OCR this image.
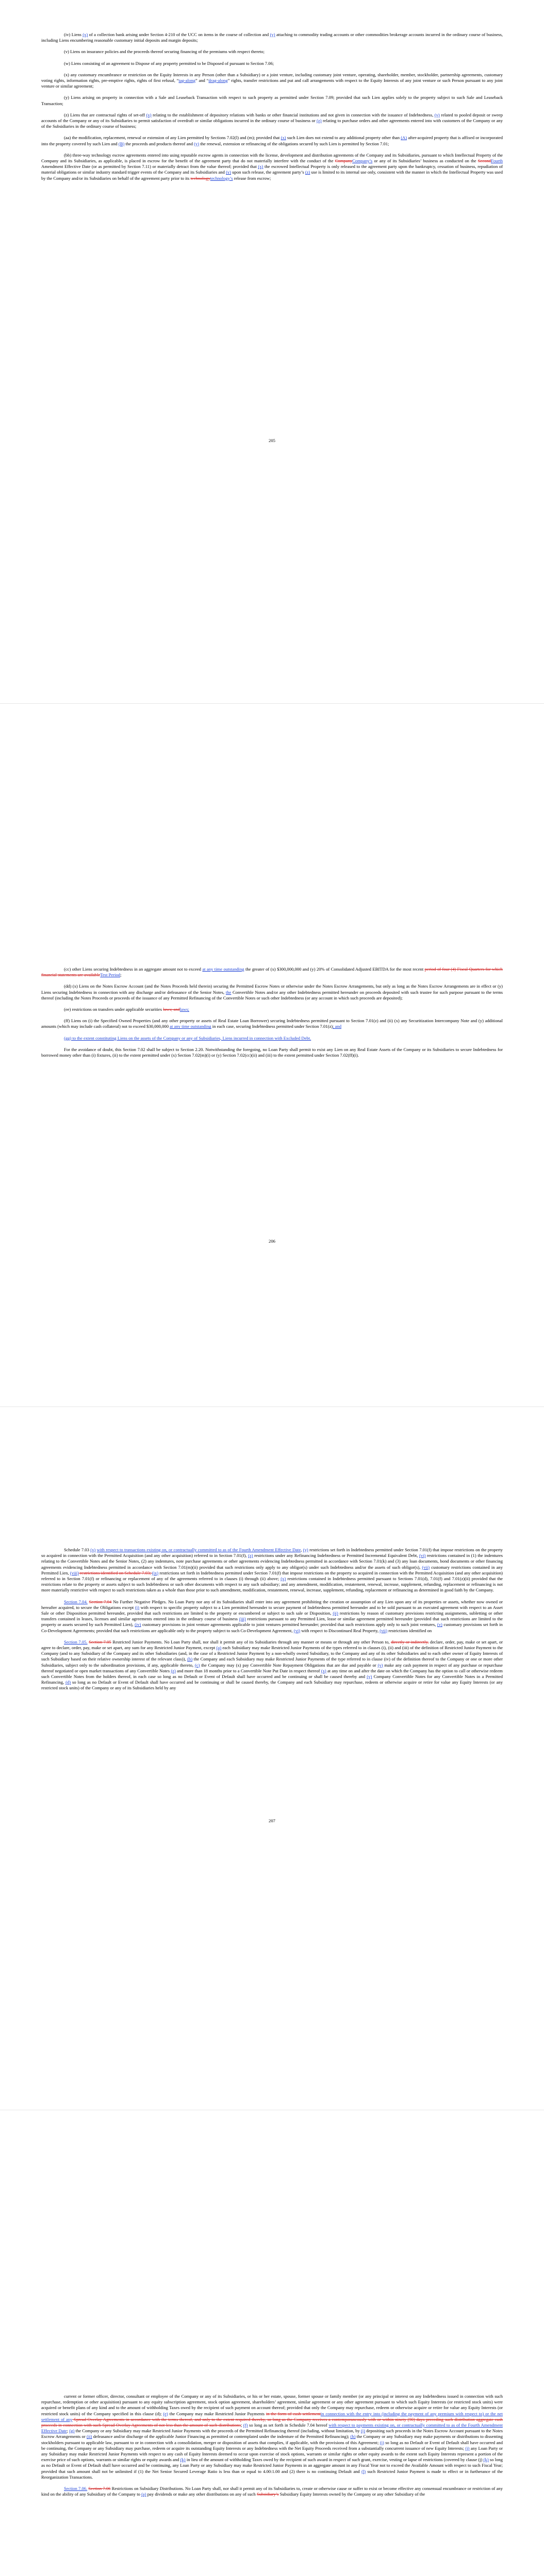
(iv) Liens (x) of a collection bank arising under Section 4-210 of the UCC on items in the course of collection and (y) attaching to commodity trading accounts or other commodities brokerage accounts incurred in the ordinary course of business, including Liens encumbering reasonable customary initial deposits and margin deposits;

(v) Liens on insurance policies and the proceeds thereof securing financing of the premiums with respect thereto;

(w) Liens consisting of an agreement to Dispose of any property permitted to be Disposed of pursuant to Section 7.06;

(x) any customary encumbrance or restriction on the Equity Interests in any Person (other than a Subsidiary) or a joint venture, including customary joint venture, operating, shareholder, member, stockholder, partnership agreements, customary voting rights, information rights, pre-emptive rights, rights of first refusal, “tag-along” and “drag-along” rights, transfer restrictions and put and call arrangements with respect to the Equity Interests of any joint venture or such Person pursuant to any joint venture or similar agreement;

(y) Liens arising on property in connection with a Sale and Leaseback Transaction with respect to such property as permitted under Section 7.09; provided that such Lien applies solely to the property subject to such Sale and Leaseback Transaction;

(z) Liens that are contractual rights of set-off (x) relating to the establishment of depository relations with banks or other financial institutions and not given in connection with the issuance of Indebtedness, (y) related to pooled deposit or sweep accounts of the Company or any of its Subsidiaries to permit satisfaction of overdraft or similar obligations incurred in the ordinary course of business or (z) relating to purchase orders and other agreements entered into with customers of the Company or any of the Subsidiaries in the ordinary course of business;

(aa) the modification, replacement, renewal or extension of any Lien permitted by Sections 7.02(l) and (m); provided that (x) such Lien does not extend to any additional property other than (A) after-acquired property that is affixed or incorporated into the property covered by such Lien and (B) the proceeds and products thereof and (y) the renewal, extension or refinancing of the obligations secured by such Lien is permitted by Section 7.01;

(bb) three-way technology escrow agreements entered into using reputable escrow agents in connection with the license, development and distribution agreements of the Company and its Subsidiaries, pursuant to which Intellectual Property of the Company and its Subsidiaries, as applicable, is placed in escrow for the benefit of the agreement party that do not materially interfere with the conduct of the CompanyCompany’s or any of its Subsidiaries’ business as conducted on the SecondFourth Amendment Effective Date (or as permitted by Section 7.11) or materially detract from the value thereof; provided that (x) the escrowed Intellectual Property is only released to the agreement party upon the bankruptcy, cessation of business, repudiation of material obligations or similar industry standard trigger events of the Company and its Subsidiaries and (y) upon such release, the agreement party’s (z) use is limited to its internal use only, consistent with the manner in which the Intellectual Property was used by the Company and/or its Subsidiaries on behalf of the agreement party prior to its technologytechnology’s release from escrow;

205

(cc) other Liens securing Indebtedness in an aggregate amount not to exceed at any time outstanding the greater of (x) $300,000,000 and (y) 20% of Consolidated Adjusted EBITDA for the most recent period of four (4) Fiscal Quarters for which financial statements are availableTest Period;

(dd) (x) Liens on the Notes Escrow Account (and the Notes Proceeds held therein) securing the Permitted Escrow Notes or otherwise under the Notes Escrow Arrangements, but only as long as the Notes Escrow Arrangements are in effect or (y) Liens securing Indebtedness in connection with any discharge and/or defeasance of the Senior Notes, the Convertible Notes and/or any other Indebtedness permitted hereunder on proceeds deposited with such trustee for such purpose pursuant to the terms thereof (including the Notes Proceeds or proceeds of the issuance of any Permitted Refinancing of the Convertible Notes or such other Indebtedness (or any account in which such proceeds are deposited);

(ee) restrictions on transfers under applicable securities laws; andlaws;

(ff) Liens on (i) the Specified Owned Properties (and any other property or assets of Real Estate Loan Borrower) securing Indebtedness permitted pursuant to Section 7.01(z) and (ii) (x) any Securitization Intercompany Note and (y) additional amounts (which may include cash collateral) not to exceed $30,000,000 at any time outstanding in each case, securing Indebtedness permitted under Section 7.01(z); and

(gg) to the extent constituting Liens on the assets of the Company or any of Subsidiaries, Liens incurred in connection with Excluded Debt.

For the avoidance of doubt, this Section 7.02 shall be subject to Section 2.20. Notwithstanding the foregoing, no Loan Party shall permit to exist any Lien on any Real Estate Assets of the Company or its Subsidiaries to secure Indebtedness for borrowed money other than (i) fixtures, (ii) to the extent permitted under (x) Section 7.02(m)(i) or (y) Section 7.02(cc)(ii) and (iii) to the extent permitted under Section 7.02(ff)(i).

206

Schedule 7.03 (x) with respect to transactions existing on, or contractually committed to as of the Fourth Amendment Effective Date, (y) restrictions set forth in Indebtedness permitted under Section 7.01(f) that impose restrictions on the property so acquired in connection with the Permitted Acquisition (and any other acquisition) referred to in Section 7.01(f), (z) restrictions under any Refinancing Indebtedness or Permitted Incremental Equivalent Debt, (vi) restrictions contained in (1) the indentures relating to the Convertible Notes and the Senior Notes, (2) any indentures, note purchase agreements or other agreements evidencing Indebtedness permitted in accordance with Section 7.01(k) and (3) any loan documents, bond documents or other financing agreements evidencing Indebtedness permitted in accordance with Section 7.01(m)(ii) provided that such restrictions only apply to any obligor(s) under such Indebtedness and/or the assets of such obligor(s), (vii) customary restrictions contained in any Permitted Lien, (viii) restrictions identified on Schedule 7.03; (ix) restrictions set forth in Indebtedness permitted under Section 7.01(f) that impose restrictions on the property so acquired in connection with the Permitted Acquisition (and any other acquisition) referred to in Section 7.01(f) or refinancing or replacement of any of the agreements referred to in clauses (i) through (ii) above; (x) restrictions contained in Indebtedness permitted pursuant to Sections 7.01(d), 7.01(f) and 7.01(z)(ii) provided that the restrictions relate to the property or assets subject to such Indebtedness or such other documents with respect to any such subsidiary; and any amendment, modification, restatement, renewal, increase, supplement, refunding, replacement or refinancing is not more materially restrictive with respect to such restrictions taken as a whole than those prior to such amendment, modification, restatement, renewal, increase, supplement, refunding, replacement or refinancing as determined in good faith by the Company.

Section 7.04. Section 7.04 No Further Negative Pledges. No Loan Party nor any of its Subsidiaries shall enter into any agreement prohibiting the creation or assumption of any Lien upon any of its properties or assets, whether now owned or hereafter acquired, to secure the Obligations except (i) with respect to specific property subject to a Lien permitted hereunder to secure payment of Indebtedness permitted hereunder and to be sold pursuant to an executed agreement with respect to an Asset Sale or other Disposition permitted hereunder, provided that such restrictions are limited to the property or encumbered or subject to such sale or Disposition, (ii) restrictions by reason of customary provisions restricting assignments, subletting or other transfers contained in leases, licenses and similar agreements entered into in the ordinary course of business (iii) restrictions pursuant to any Permitted Lien, lease or similar agreement permitted hereunder (provided that such restrictions are limited to the property or assets secured by such Permitted Lien), (iv) customary provisions in joint venture agreements applicable to joint ventures permitted hereunder; provided that such restrictions apply only to such joint ventures, (v) customary provisions set forth in Co-Development Agreements; provided that such restrictions are applicable only to the property subject to such Co-Development Agreement, (vi) with respect to Discontinued Real Property, (vii) restrictions identified on

Section 7.05. Section 7.05 Restricted Junior Payments. No Loan Party shall, nor shall it permit any of its Subsidiaries through any manner or means or through any other Person to, directly or indirectly, declare, order, pay, make or set apart, or agree to declare, order, pay, make or set apart, any sum for any Restricted Junior Payment, except (a) each Subsidiary may make Restricted Junior Payments of the types referred to in clauses (i), (ii) and (iii) of the definition of Restricted Junior Payment to the Company (and to any Subsidiary of the Company and its other Subsidiaries (and, in the case of a Restricted Junior Payment by a non-wholly owned Subsidiary, to the Company and any of its other Subsidiaries and to each other owner of Equity Interests of such Subsidiary based on their relative ownership interest of the relevant class)), (b) the Company and each Subsidiary may make Restricted Junior Payments of the type referred to in clause (iv) of the definition thereof to the Company or one or more other Subsidiaries, subject only to the subordination provisions, if any, applicable thereto, (c) the Company may (x) pay Convertible Note Repayment Obligations that are due and payable or (y) make any cash payment in respect of any purchase or repurchase thereof negotiated or open market transactions of any Convertible Notes (z) and more than 18 months prior to a Convertible Note Put Date in respect thereof (x) at any time on and after the date on which the Company has the option to call or otherwise redeem such Convertible Notes from the holders thereof, in each case so long as no Default or Event of Default shall have occurred and be continuing or shall be caused thereby and (y) Company Convertible Notes for any Convertible Notes in a Permitted Refinancing, (d) so long as no Default or Event of Default shall have occurred and be continuing or shall be caused thereby, the Company and each Subsidiary may repurchase, redeem or otherwise acquire or retire for value any Equity Interests (or any restricted stock units) of the Company or any of its Subsidiaries held by any

207

current or former officer, director, consultant or employee of the Company or any of its Subsidiaries, or his or her estate, spouse, former spouse or family member (or any principal or interest on any Indebtedness issued in connection with such repurchase, redemption or other acquisition) pursuant to any equity subscription agreement, stock option agreement, shareholders’ agreement, similar agreement or any other agreement pursuant to which such Equity Interests (or restricted stock units) were acquired or benefit plans of any kind and to the amount of withholding Taxes owed by the recipient of such payment on account thereof; provided that only the Company may repurchase, redeem or otherwise acquire or retire for value any Equity Interests (or restricted stock units) of the Company specified in this clause (d); (e) the Company may make Restricted Junior Payments in the form of cash settlementin connection with the entry into (including the payment of any premium with respect to) or the net settlement of any Spread Overlay Agreements in accordance with the terms thereof, and only to the extent required thereby, so long as the Company receives a contemporaneously with or within ninety (90) days preceding such distribution aggregate cash proceeds in connection with such Spread Overlay Agreements of not less than the amount of such distributions; (f) so long as set forth in Schedule 7.04 hereof with respect to payments existing on, or contractually committed to as of the Fourth Amendment Effective Date; (g) the Company or any Subsidiary may make Restricted Junior Payments with the proceeds of the Permitted Refinancing thereof (including, without limitation, by (i) depositing such proceeds in the Notes Escrow Account pursuant to the Notes Escrow Arrangements or (ii) defeasance and/or discharge of the applicable Junior Financing as permitted or contemplated under the indenture of the Permitted Refinancing); (h) the Company or any Subsidiary may make payments or distributions to dissenting stockholders pursuant to applicable law, pursuant to or in connection with a consolidation, merger or disposition of assets that complies, if applicable, with the provisions of this Agreement; (i) so long as no Default or Event of Default shall have occurred and be continuing, the Company or any Subsidiary may purchase, redeem or acquire its outstanding Equity Interests or any Indebtedness with the Net Equity Proceeds received from a substantially concurrent issuance of new Equity Interests; (j) any Loan Party or any Subsidiary may make Restricted Junior Payments with respect to any cash of Equity Interests deemed to occur upon exercise of stock options, warrants or similar rights or other equity awards to the extent such Equity Interests represent a portion of the exercise price of such options, warrants or similar rights or equity awards and (k) in lieu of the amount of withholding Taxes owed by the recipient of such award in respect of such grant, exercise, vesting or lapse of restrictions (covered by clause (j) (k) so long as no Default or Event of Default shall have occurred and be continuing, any Loan Party or any Subsidiary may make Restricted Junior Payments in an aggregate amount in any Fiscal Year not to exceed the Available Amount with respect to such Fiscal Year; provided that such amount shall not be unlimited if (1) the Net Senior Secured Leverage Ratio is less than or equal to 4.00:1.00 and (2) there is no continuing Default and (l) such Restricted Junior Payment is made to effect or in furtherance of the Reorganization Transactions.

Section 7.06. Section 7.06 Restrictions on Subsidiary Distributions. No Loan Party shall, nor shall it permit any of its Subsidiaries to, create or otherwise cause or suffer to exist or become effective any consensual encumbrance or restriction of any kind on the ability of any Subsidiary of the Company to (a) pay dividends or make any other distributions on any of such Subsidiary’s Subsidiary Equity Interests owned by the Company or any other Subsidiary of the
